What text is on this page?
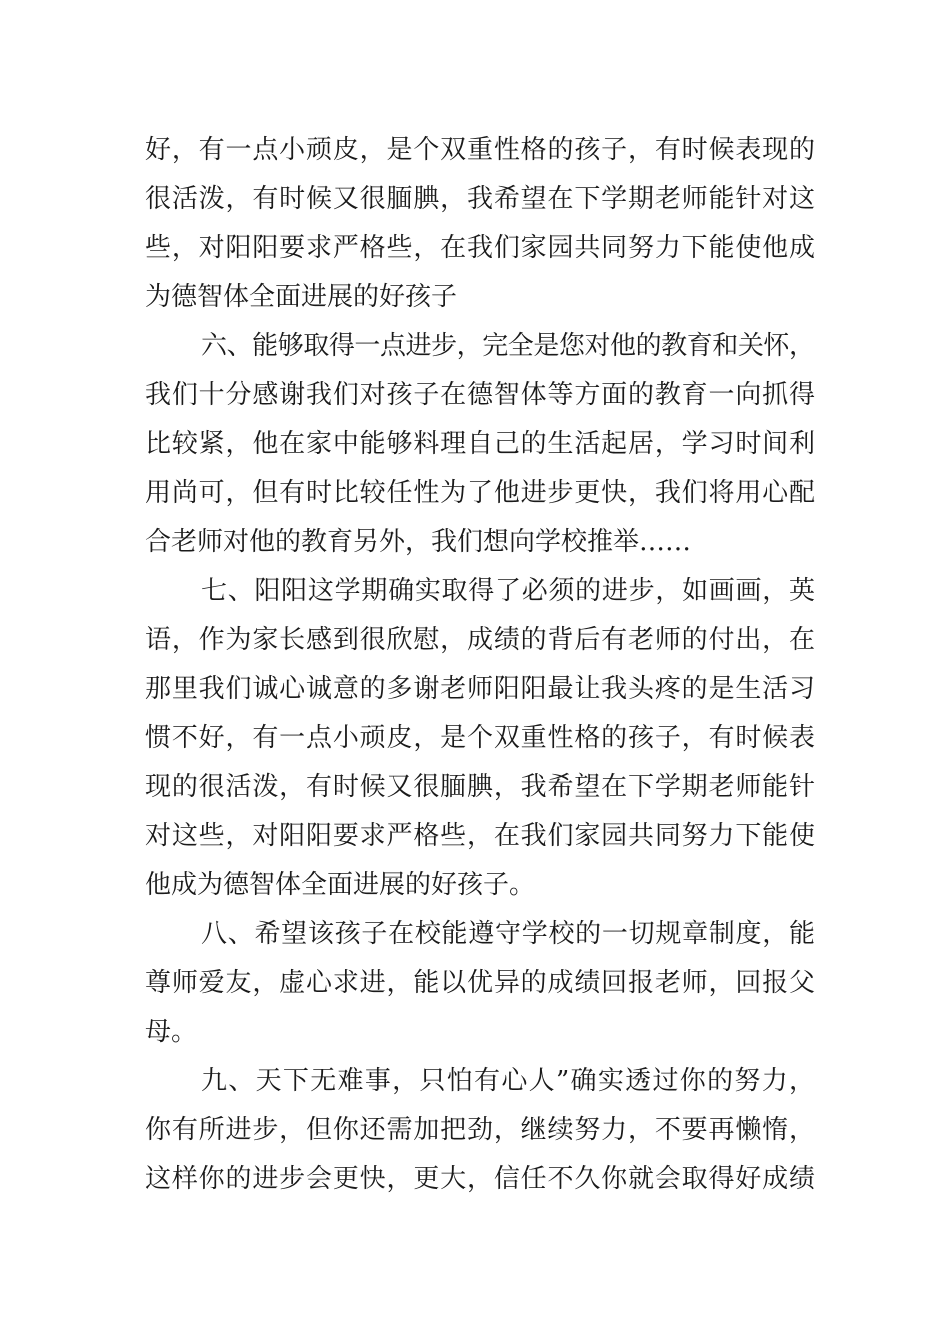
好，有一点小顽皮，是个双重性格的孩子，有时候表现的
很活泼，有时候又很腼腆，我希望在下学期老师能针对这
些，对阳阳要求严格些，在我们家园共同努力下能使他成
为德智体全面进展的好孩子
六、能够取得一点进步，完全是您对他的教育和关怀，
我们十分感谢我们对孩子在德智体等方面的教育一向抓得
比较紧，他在家中能够料理自己的生活起居，学习时间利
用尚可，但有时比较任性为了他进步更快，我们将用心配
合老师对他的教育另外，我们想向学校推举……
七、阳阳这学期确实取得了必须的进步，如画画，英
语，作为家长感到很欣慰，成绩的背后有老师的付出，在
那里我们诚心诚意的多谢老师阳阳最让我头疼的是生活习
惯不好，有一点小顽皮，是个双重性格的孩子，有时候表
现的很活泼，有时候又很腼腆，我希望在下学期老师能针
对这些，对阳阳要求严格些，在我们家园共同努力下能使
他成为德智体全面进展的好孩子。
八、希望该孩子在校能遵守学校的一切规章制度，能
尊师爱友，虚心求进，能以优异的成绩回报老师，回报父
母。
九、天下无难事，只怕有心人”确实透过你的努力，
你有所进步，但你还需加把劲，继续努力，不要再懒惰，
这样你的进步会更快，更大，信任不久你就会取得好成绩
